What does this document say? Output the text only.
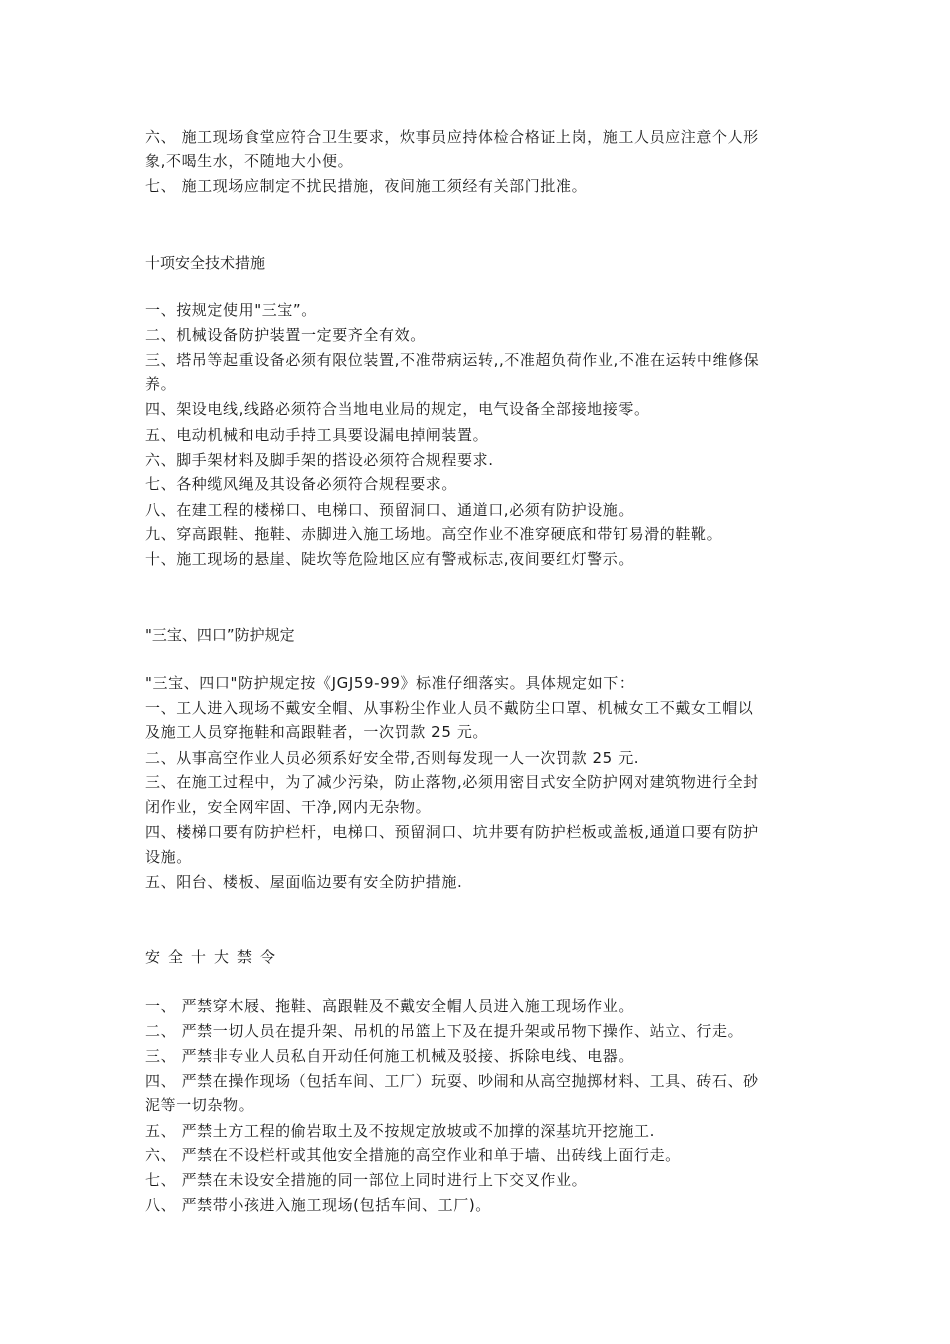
六、 施工现场食堂应符合卫生要求，炊事员应持体检合格证上岗，施工人员应注意个人形
象,不喝生水，不随地大小便。
七、 施工现场应制定不扰民措施，夜间施工须经有关部门批准。
十项安全技术措施
一、按规定使用"三宝”。
二、机械设备防护装置一定要齐全有效。
三、塔吊等起重设备必须有限位装置,不准带病运转,,不准超负荷作业,不准在运转中维修保
养。
四、架设电线,线路必须符合当地电业局的规定，电气设备全部接地接零。
五、电动机械和电动手持工具要设漏电掉闸装置。
六、脚手架材料及脚手架的搭设必须符合规程要求.
七、各种缆风绳及其设备必须符合规程要求。
八、在建工程的楼梯口、电梯口、预留洞口、通道口,必须有防护设施。
九、穿高跟鞋、拖鞋、赤脚进入施工场地。高空作业不准穿硬底和带钉易滑的鞋靴。
十、施工现场的悬崖、陡坎等危险地区应有警戒标志,夜间要红灯警示。
"三宝、四口”防护规定
"三宝、四口"防护规定按《JGJ59-99》标准仔细落实。具体规定如下：
一、工人进入现场不戴安全帽、从事粉尘作业人员不戴防尘口罩、机械女工不戴女工帽以
及施工人员穿拖鞋和高跟鞋者，一次罚款 25 元。
二、从事高空作业人员必须系好安全带,否则每发现一人一次罚款 25 元.
三、在施工过程中，为了减少污染，防止落物,必须用密目式安全防护网对建筑物进行全封
闭作业，安全网牢固、干净,网内无杂物。
四、楼梯口要有防护栏杆，电梯口、预留洞口、坑井要有防护栏板或盖板,通道口要有防护
设施。
五、阳台、楼板、屋面临边要有安全防护措施.
安全十大禁令
一、 严禁穿木屐、拖鞋、高跟鞋及不戴安全帽人员进入施工现场作业。
二、 严禁一切人员在提升架、吊机的吊篮上下及在提升架或吊物下操作、站立、行走。
三、 严禁非专业人员私自开动任何施工机械及驳接、拆除电线、电器。
四、 严禁在操作现场（包括车间、工厂）玩耍、吵闹和从高空抛掷材料、工具、砖石、砂
泥等一切杂物。
五、 严禁土方工程的偷岩取土及不按规定放坡或不加撑的深基坑开挖施工.
六、 严禁在不设栏杆或其他安全措施的高空作业和单于墙、出砖线上面行走。
七、 严禁在未设安全措施的同一部位上同时进行上下交叉作业。
八、 严禁带小孩进入施工现场(包括车间、工厂)。
